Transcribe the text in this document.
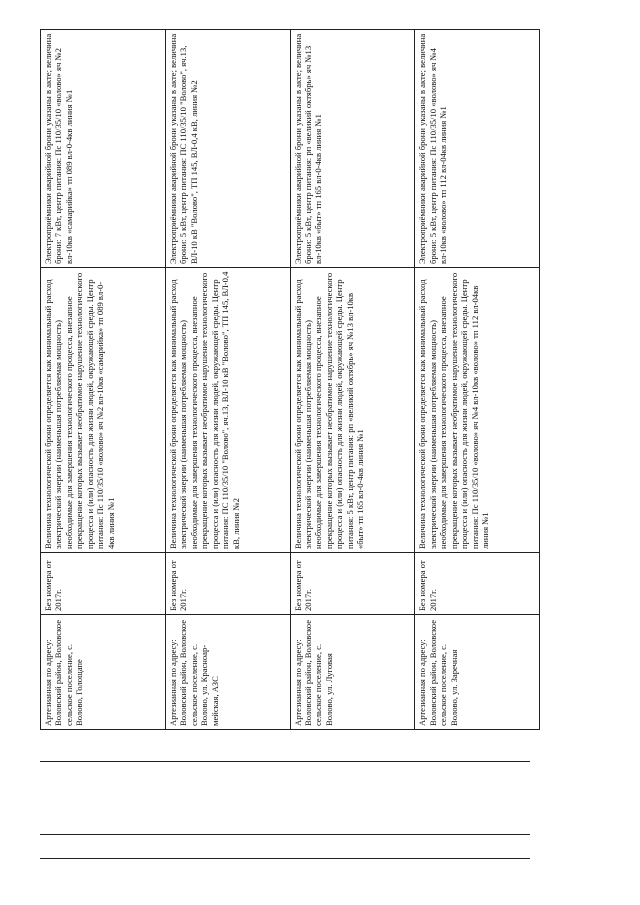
Артезианная по адресу: Воловский район, Воловское сельское поселение, с. Волово, Голощапе	Без номера от 2017г.	Величина технологической брони определяется как минимальный расход электрической энергии (наименьшая потребляемая мощность) необходимые для завершения технологического процесса, внезапное прекращение которых вызывает необратимое нарушение технологического процесса и (или) опасность для жизни людей, окружающей среды. Центр питания: Пс 110/35/10 «волово» яч №2 вл-10кв «самарийка» тп 089 вл-0-4кв линия №1	Электроприёмники аварийной брони указаны в акте; величина брони: 7 кВт, центр питания: Пс 110/35/10 «волово» яч №2 вл-10кв «самарийка» тп 089 вл-0-4кв линия №1
Артезианная по адресу: Воловский район, Воловское сельское поселение, с. Волово, ул. Красноар-мейская, АЗС	Без номера от 2017г.	Величина технологической брони определяется как минимальный расход электрической энергии (наименьшая потребляемая мощность) необходимые для завершения технологического процесса, внезапное прекращение которых вызывает необратимое нарушение технологического процесса и (или) опасность для жизни людей, окружающей среды. Центр питания: ПС 110/35/10 "Волово", яч.13, ВЛ-10 кВ "Волово", ТП 145, ВЛ-0,4 кВ, линия №2	Электроприёмники аварийной брони указаны в акте; величина брони: 5 кВт, центр питания: ПС 110/35/10 "Волово", яч.13, ВЛ-10 кВ "Волово", ТП 145, ВЛ-0,4 кВ, линия №2
Артезианная по адресу: Воловский район, Воловское сельское поселение, с. Волово, ул. Луговая	Без номера от 2017г.	Величина технологической брони определяется как минимальный расход электрической энергии (наименьшая потребляемая мощность) необходимые для завершения технологического процесса, внезапное прекращение которых вызывает необратимое нарушение технологического процесса и (или) опасность для жизни людей, окружающей среды. Центр питания: 5 кВт, центр питания: рп «великий октябрь» яч №13 вл-10кв «быт» тп 165 вл-0-4кв линия №1	Электроприёмники аварийной брони указаны в акте; величина брони: 5 кВт, центр питания: рп «великий октябрь» яч №13 вл-10кв «быт» тп 165 вл-0-4кв линия №1
Артезианная по адресу: Воловский район, Воловское сельское поселение, с. Волово, ул. Заречная	Без номера от 2017г.	Величина технологической брони определяется как минимальный расход электрической энергии (наименьшая потребляемая мощность) необходимые для завершения технологического процесса, внезапное прекращение которых вызывает необратимое нарушение технологического процесса и (или) опасность для жизни людей, окружающей среды. Центр питания: Пс 110/35/10 «волово» яч №4 вл-10кв «волово» тп 112 вл-04кв линия №1	Электроприёмники аварийной брони указаны в акте; величина брони: 5 кВт, центр питания: Пс 110/35/10 «волово» яч №4 вл-10кв «волово» тп 112 вл-04кв линия №1
